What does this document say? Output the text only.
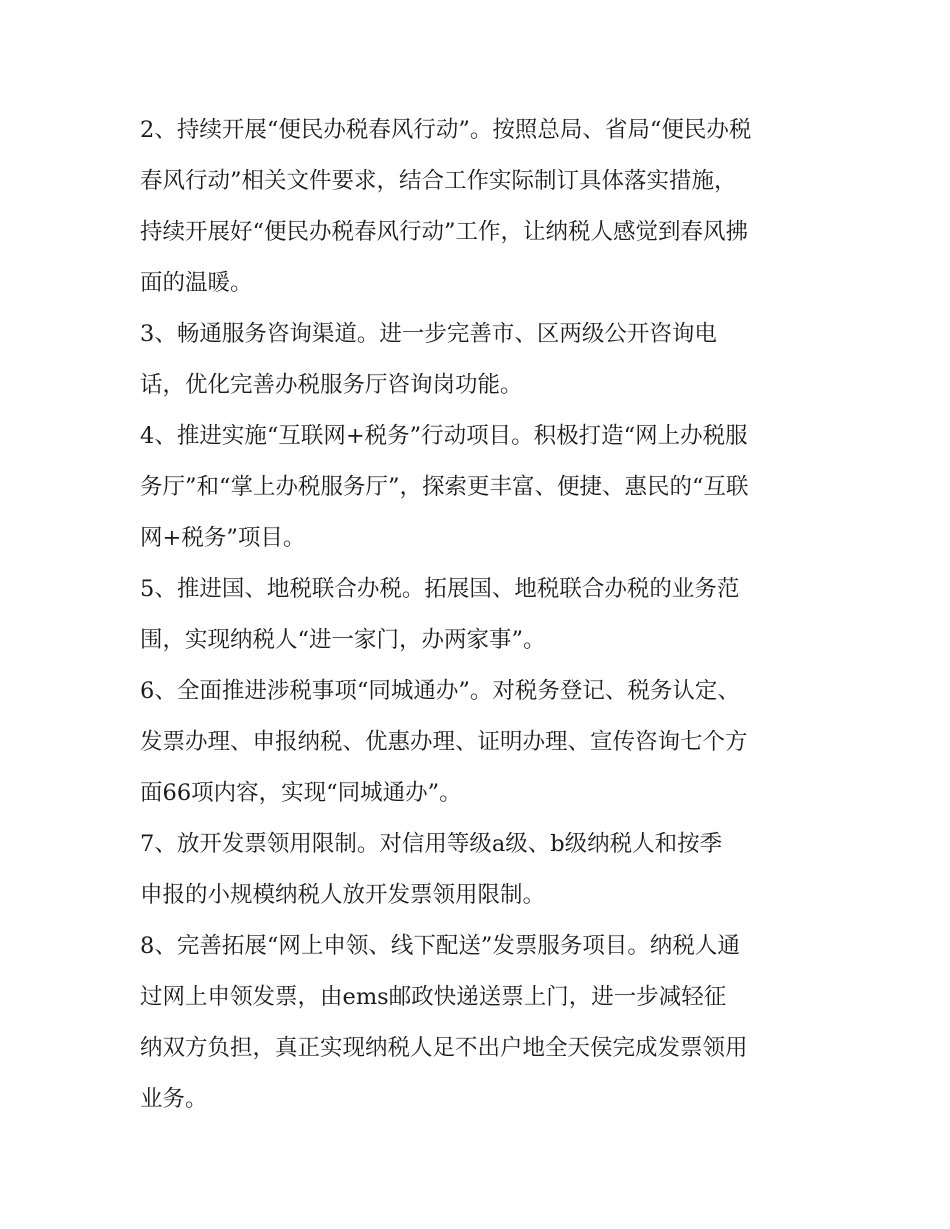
2、持续开展“便民办税春风行动”。按照总局、省局“便民办税
春风行动”相关文件要求，结合工作实际制订具体落实措施，
持续开展好“便民办税春风行动”工作，让纳税人感觉到春风拂
面的温暖。
3、畅通服务咨询渠道。进一步完善市、区两级公开咨询电
话，优化完善办税服务厅咨询岗功能。
4、推进实施“互联网+税务”行动项目。积极打造“网上办税服
务厅”和“掌上办税服务厅”，探索更丰富、便捷、惠民的“互联
网+税务”项目。
5、推进国、地税联合办税。拓展国、地税联合办税的业务范
围，实现纳税人“进一家门，办两家事”。
6、全面推进涉税事项“同城通办”。对税务登记、税务认定、
发票办理、申报纳税、优惠办理、证明办理、宣传咨询七个方
面66项内容，实现“同城通办”。
7、放开发票领用限制。对信用等级a级、b级纳税人和按季
申报的小规模纳税人放开发票领用限制。
8、完善拓展“网上申领、线下配送”发票服务项目。纳税人通
过网上申领发票，由ems邮政快递送票上门，进一步减轻征
纳双方负担，真正实现纳税人足不出户地全天侯完成发票领用
业务。
